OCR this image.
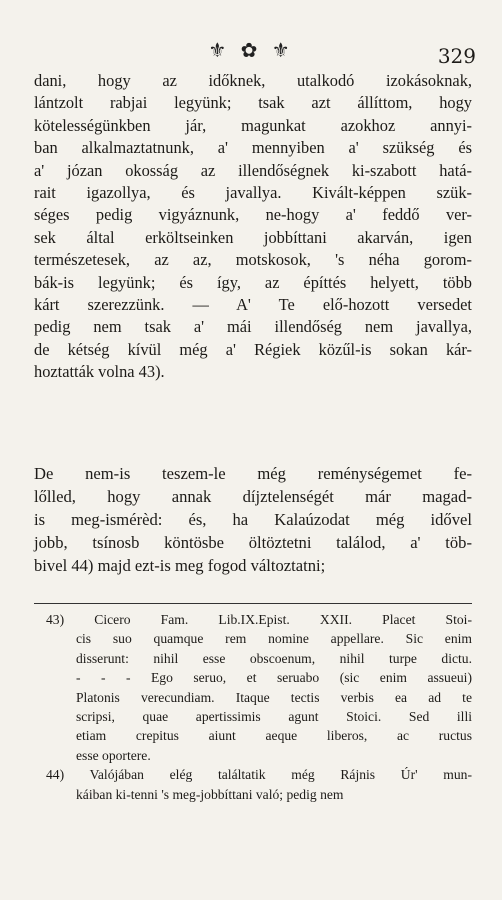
⚜ ✿ ⚜	329
dani, hogy az időknek, utalkodó izokásoknak,
lántzolt rabjai legyünk; tsak azt állíttom, hogy
kötelességünkben jár, magunkat azokhoz annyi-
ban alkalmaztatnunk, a' mennyiben a' szükség és
a' józan okosság az illendőségnek ki-szabott hatá-
rait igazollya, és javallya. Kivált-képpen szük-
séges pedig vigyáznunk, ne-hogy a' feddő ver-
sek által erköltseinken jobbíttani akarván, igen
természetesek, az az, motskosok, 's néha gorom-
bák-is legyünk; és így, az építtés helyett, több
kárt szerezzünk. — A' Te elő-hozott versedet
pedig nem tsak a' mái illendőség nem javallya,
de kétség kívül még a' Régiek közűl-is sokan kár-
hoztatták volna 43).
De nem-is teszem-le még reménységemet fe-
lőlled, hogy annak díjztelenségét már magad-
is meg-ismérèd: és, ha Kalaúzodat még idővel
jobb, tsínosb köntösbe öltöztetni találod, a' töb-
bivel 44) majd ezt-is meg fogod változtatni;
43) Cicero Fam. Lib.IX.Epist. XXII. Placet Stoi-
cis suo quamque rem nomine appellare. Sic enim
disserunt: nihil esse obscoenum, nihil turpe dictu.
- - - Ego seruo, et seruabo (sic enim assueui)
Platonis verecundiam. Itaque tectis verbis ea ad te
scripsi, quae apertissimis agunt Stoici. Sed illi
etiam crepitus aiunt aeque liberos, ac ructus
esse oportere.
44) Valójában elég találtatik még Rájnis Úr' mun-
káiban ki-tenni 's meg-jobbíttani való; pedig nem
